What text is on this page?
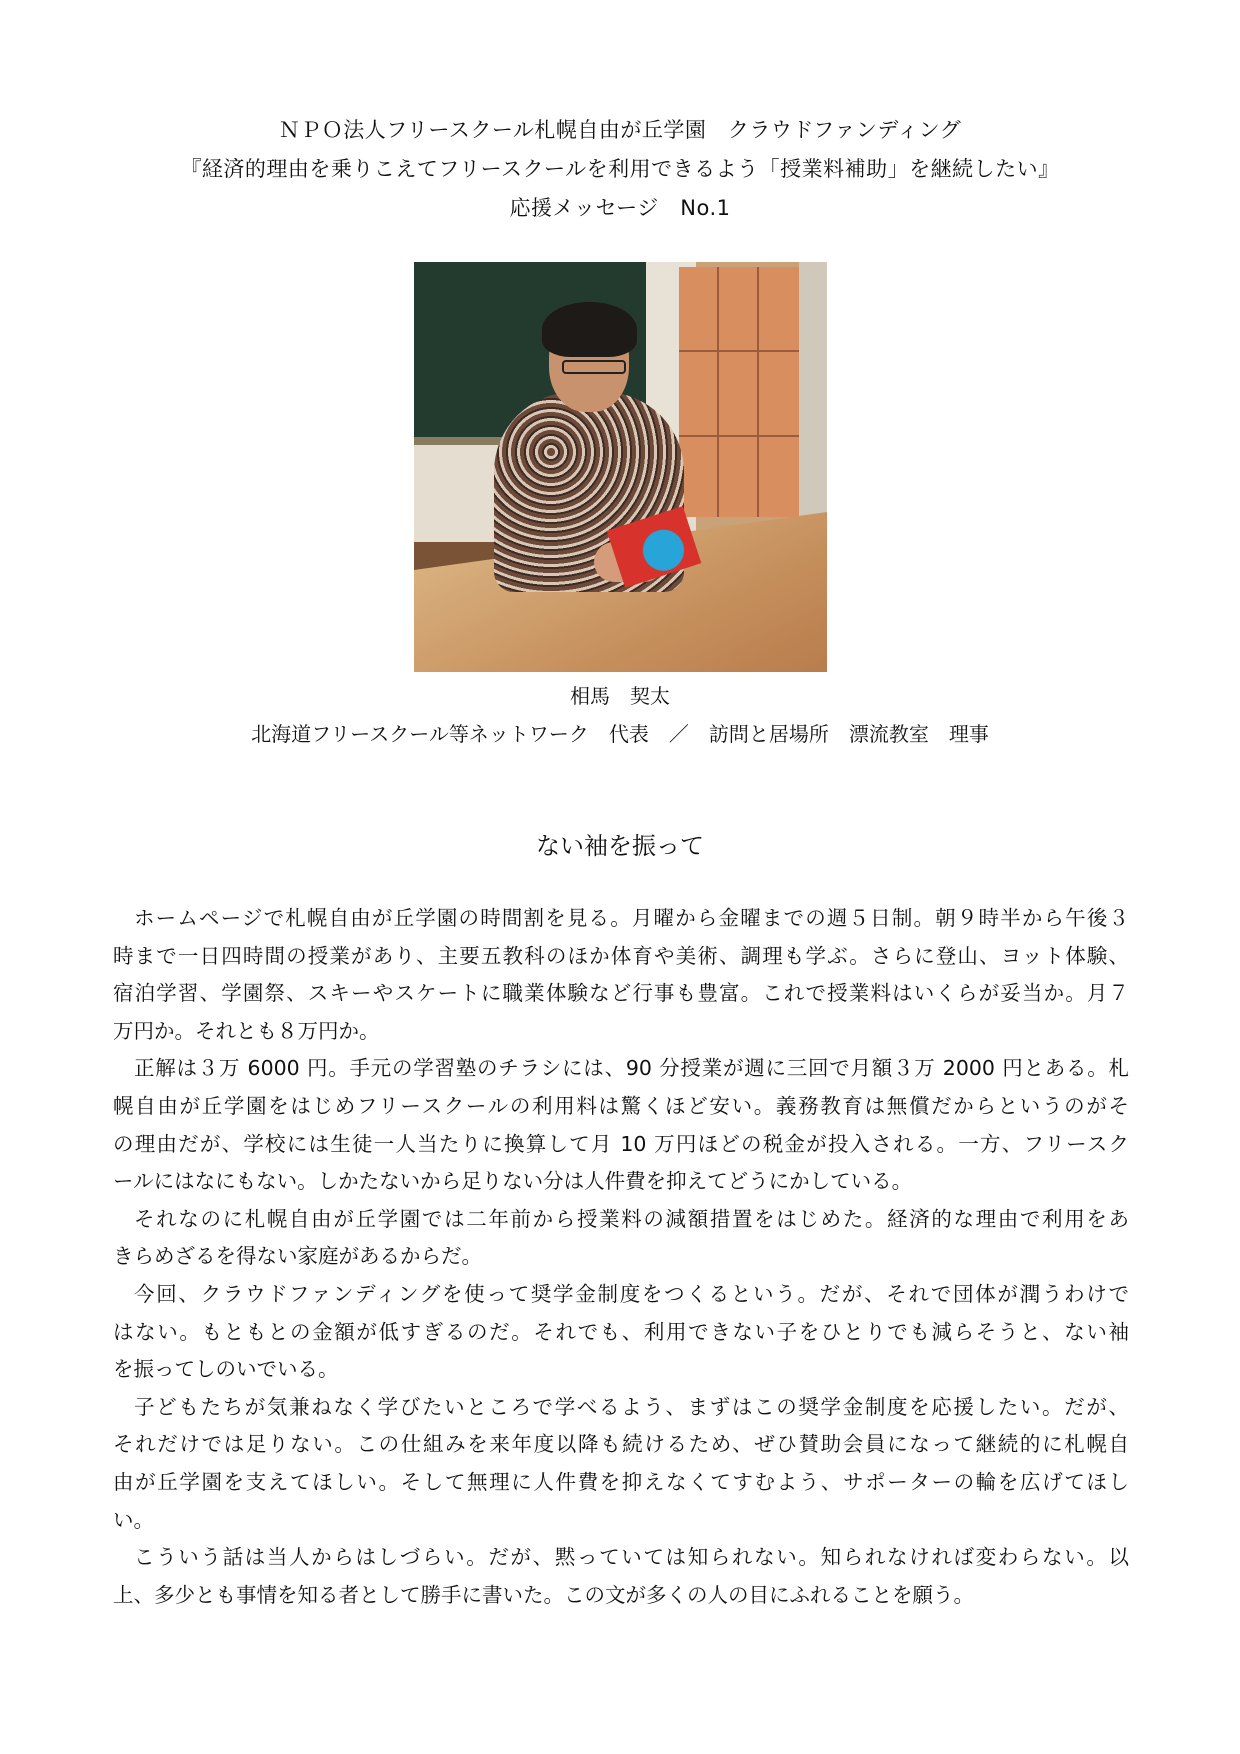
ＮＰＯ法人フリースクール札幌自由が丘学園　クラウドファンディング
『経済的理由を乗りこえてフリースクールを利用できるよう「授業料補助」を継続したい』
応援メッセージ　No.1
相馬　契太
北海道フリースクール等ネットワーク　代表　／　訪問と居場所　漂流教室　理事
ない袖を振って
ホームページで札幌自由が丘学園の時間割を見る。月曜から金曜までの週５日制。朝９時半から午後３
時まで一日四時間の授業があり、主要五教科のほか体育や美術、調理も学ぶ。さらに登山、ヨット体験、
宿泊学習、学園祭、スキーやスケートに職業体験など行事も豊富。これで授業料はいくらが妥当か。月７
万円か。それとも８万円か。
正解は３万 6000 円。手元の学習塾のチラシには、90 分授業が週に三回で月額３万 2000 円とある。札
幌自由が丘学園をはじめフリースクールの利用料は驚くほど安い。義務教育は無償だからというのがそ
の理由だが、学校には生徒一人当たりに換算して月 10 万円ほどの税金が投入される。一方、フリースク
ールにはなにもない。しかたないから足りない分は人件費を抑えてどうにかしている。
それなのに札幌自由が丘学園では二年前から授業料の減額措置をはじめた。経済的な理由で利用をあ
きらめざるを得ない家庭があるからだ。
今回、クラウドファンディングを使って奨学金制度をつくるという。だが、それで団体が潤うわけで
はない。もともとの金額が低すぎるのだ。それでも、利用できない子をひとりでも減らそうと、ない袖
を振ってしのいでいる。
子どもたちが気兼ねなく学びたいところで学べるよう、まずはこの奨学金制度を応援したい。だが、
それだけでは足りない。この仕組みを来年度以降も続けるため、ぜひ賛助会員になって継続的に札幌自
由が丘学園を支えてほしい。そして無理に人件費を抑えなくてすむよう、サポーターの輪を広げてほし
い。
こういう話は当人からはしづらい。だが、黙っていては知られない。知られなければ変わらない。以
上、多少とも事情を知る者として勝手に書いた。この文が多くの人の目にふれることを願う。
